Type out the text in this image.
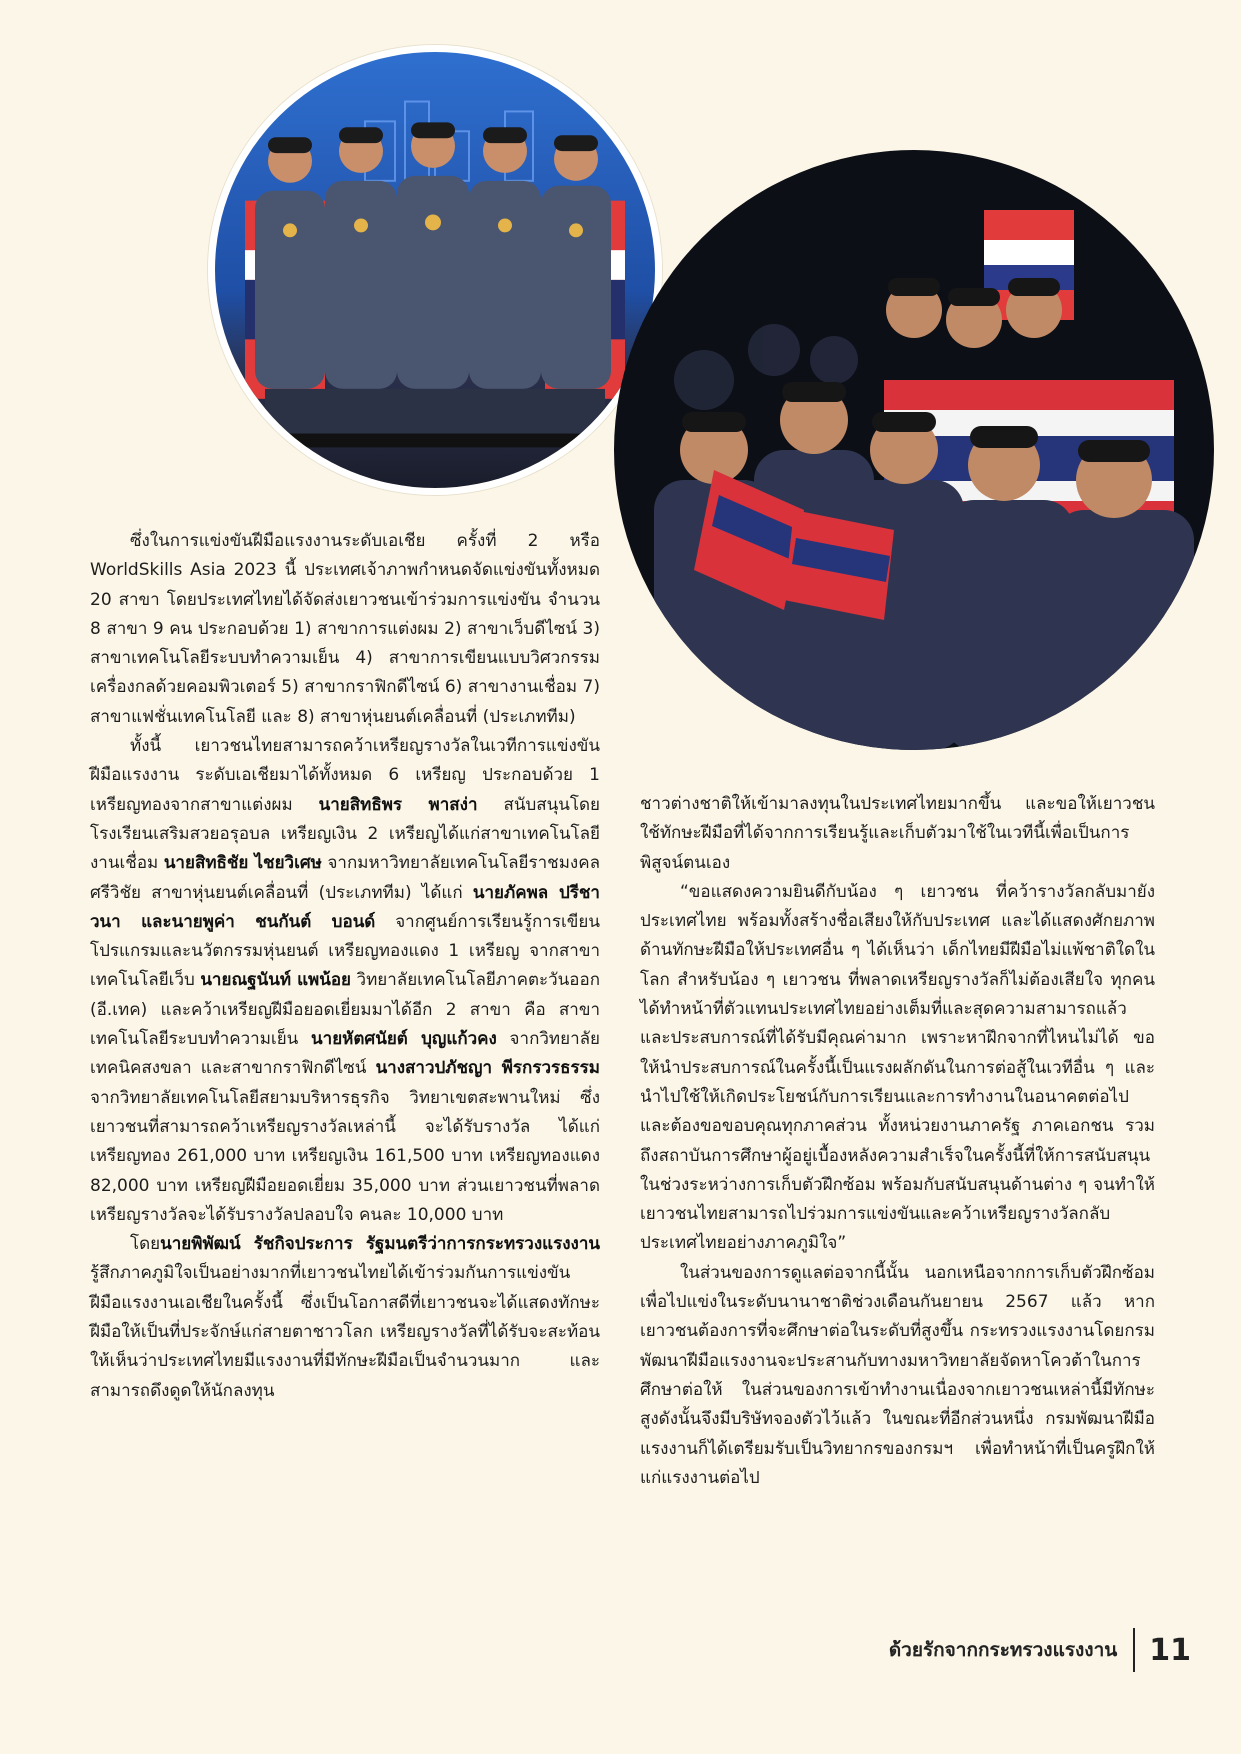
ซึ่งในการแข่งขันฝีมือแรงงานระดับเอเชีย ครั้งที่ 2 หรือ WorldSkills Asia 2023 นี้ ประเทศเจ้าภาพกำหนดจัดแข่งขันทั้งหมด 20 สาขา โดยประเทศไทยได้จัดส่งเยาวชนเข้าร่วมการแข่งขัน จำนวน 8 สาขา 9 คน ประกอบด้วย 1) สาขาการแต่งผม 2) สาขาเว็บดีไซน์ 3) สาขาเทคโนโลยีระบบทำความเย็น 4) สาขาการเขียนแบบวิศวกรรมเครื่องกลด้วยคอมพิวเตอร์ 5) สาขากราฟิกดีไซน์ 6) สาขางานเชื่อม 7) สาขาแฟชั่นเทคโนโลยี และ 8) สาขาหุ่นยนต์เคลื่อนที่ (ประเภททีม)

ทั้งนี้ เยาวชนไทยสามารถคว้าเหรียญรางวัลในเวทีการแข่งขันฝีมือแรงงาน ระดับเอเชียมาได้ทั้งหมด 6 เหรียญ ประกอบด้วย 1 เหรียญทองจากสาขาแต่งผม นายสิทธิพร พาสง่า สนับสนุนโดยโรงเรียนเสริมสวยอรุอบล เหรียญเงิน 2 เหรียญได้แก่สาขาเทคโนโลยีงานเชื่อม นายสิทธิชัย ไชยวิเศษ จากมหาวิทยาลัยเทคโนโลยีราชมงคลศรีวิชัย สาขาหุ่นยนต์เคลื่อนที่ (ประเภททีม) ได้แก่ นายภัคพล ปรีชาวนา และนายพูค่า ชนกันต์ บอนด์ จากศูนย์การเรียนรู้การเขียนโปรแกรมและนวัตกรรมหุ่นยนต์ เหรียญทองแดง 1 เหรียญ จากสาขาเทคโนโลยีเว็บ นายณฐนันท์ แพน้อย วิทยาลัยเทคโนโลยีภาคตะวันออก (อี.เทค) และคว้าเหรียญฝีมือยอดเยี่ยมมาได้อีก 2 สาขา คือ สาขาเทคโนโลยีระบบทำความเย็น นายหัตศนัยต์ บุญแก้วคง จากวิทยาลัยเทคนิคสงขลา และสาขากราฟิกดีไซน์ นางสาวปภัชญา พีรกรวรธรรม จากวิทยาลัยเทคโนโลยีสยามบริหารธุรกิจ วิทยาเขตสะพานใหม่ ซึ่งเยาวชนที่สามารถคว้าเหรียญรางวัลเหล่านี้ จะได้รับรางวัล ได้แก่ เหรียญทอง 261,000 บาท เหรียญเงิน 161,500 บาท เหรียญทองแดง 82,000 บาท เหรียญฝีมือยอดเยี่ยม 35,000 บาท ส่วนเยาวชนที่พลาดเหรียญรางวัลจะได้รับรางวัลปลอบใจ คนละ 10,000 บาท

โดยนายพิพัฒน์ รัชกิจประการ รัฐมนตรีว่าการกระทรวงแรงงาน รู้สึกภาคภูมิใจเป็นอย่างมากที่เยาวชนไทยได้เข้าร่วมกันการแข่งขันฝีมือแรงงานเอเชียในครั้งนี้ ซึ่งเป็นโอกาสดีที่เยาวชนจะได้แสดงทักษะฝีมือให้เป็นที่ประจักษ์แก่สายตาชาวโลก เหรียญรางวัลที่ได้รับจะสะท้อนให้เห็นว่าประเทศไทยมีแรงงานที่มีทักษะฝีมือเป็นจำนวนมาก และสามารถดึงดูดให้นักลงทุน

ชาวต่างชาติให้เข้ามาลงทุนในประเทศไทยมากขึ้น และขอให้เยาวชนใช้ทักษะฝีมือที่ได้จากการเรียนรู้และเก็บตัวมาใช้ในเวทีนี้เพื่อเป็นการพิสูจน์ตนเอง

“ขอแสดงความยินดีกับน้อง ๆ เยาวชน ที่คว้ารางวัลกลับมายังประเทศไทย พร้อมทั้งสร้างชื่อเสียงให้กับประเทศ และได้แสดงศักยภาพด้านทักษะฝีมือให้ประเทศอื่น ๆ ได้เห็นว่า เด็กไทยมีฝีมือไม่แพ้ชาติใดในโลก สำหรับน้อง ๆ เยาวชน ที่พลาดเหรียญรางวัลก็ไม่ต้องเสียใจ ทุกคนได้ทำหน้าที่ตัวแทนประเทศไทยอย่างเต็มที่และสุดความสามารถแล้ว และประสบการณ์ที่ได้รับมีคุณค่ามาก เพราะหาฝึกจากที่ไหนไม่ได้ ขอให้นำประสบการณ์ในครั้งนี้เป็นแรงผลักดันในการต่อสู้ในเวทีอื่น ๆ และนำไปใช้ให้เกิดประโยชน์กับการเรียนและการทำงานในอนาคตต่อไป และต้องขอขอบคุณทุกภาคส่วน ทั้งหน่วยงานภาครัฐ ภาคเอกชน รวมถึงสถาบันการศึกษาผู้อยู่เบื้องหลังความสำเร็จในครั้งนี้ที่ให้การสนับสนุนในช่วงระหว่างการเก็บตัวฝึกซ้อม พร้อมกับสนับสนุนด้านต่าง ๆ จนทำให้เยาวชนไทยสามารถไปร่วมการแข่งขันและคว้าเหรียญรางวัลกลับประเทศไทยอย่างภาคภูมิใจ”

ในส่วนของการดูแลต่อจากนี้นั้น นอกเหนือจากการเก็บตัวฝึกซ้อมเพื่อไปแข่งในระดับนานาชาติช่วงเดือนกันยายน 2567 แล้ว หากเยาวชนต้องการที่จะศึกษาต่อในระดับที่สูงขึ้น กระทรวงแรงงานโดยกรมพัฒนาฝีมือแรงงานจะประสานกับทางมหาวิทยาลัยจัดหาโควต้าในการศึกษาต่อให้ ในส่วนของการเข้าทำงานเนื่องจากเยาวชนเหล่านี้มีทักษะสูงดังนั้นจึงมีบริษัทจองตัวไว้แล้ว ในขณะที่อีกส่วนหนึ่ง กรมพัฒนาฝีมือแรงงานก็ได้เตรียมรับเป็นวิทยากรของกรมฯ เพื่อทำหน้าที่เป็นครูฝึกให้แก่แรงงานต่อไป

ด้วยรักจากกระทรวงแรงงาน 11
